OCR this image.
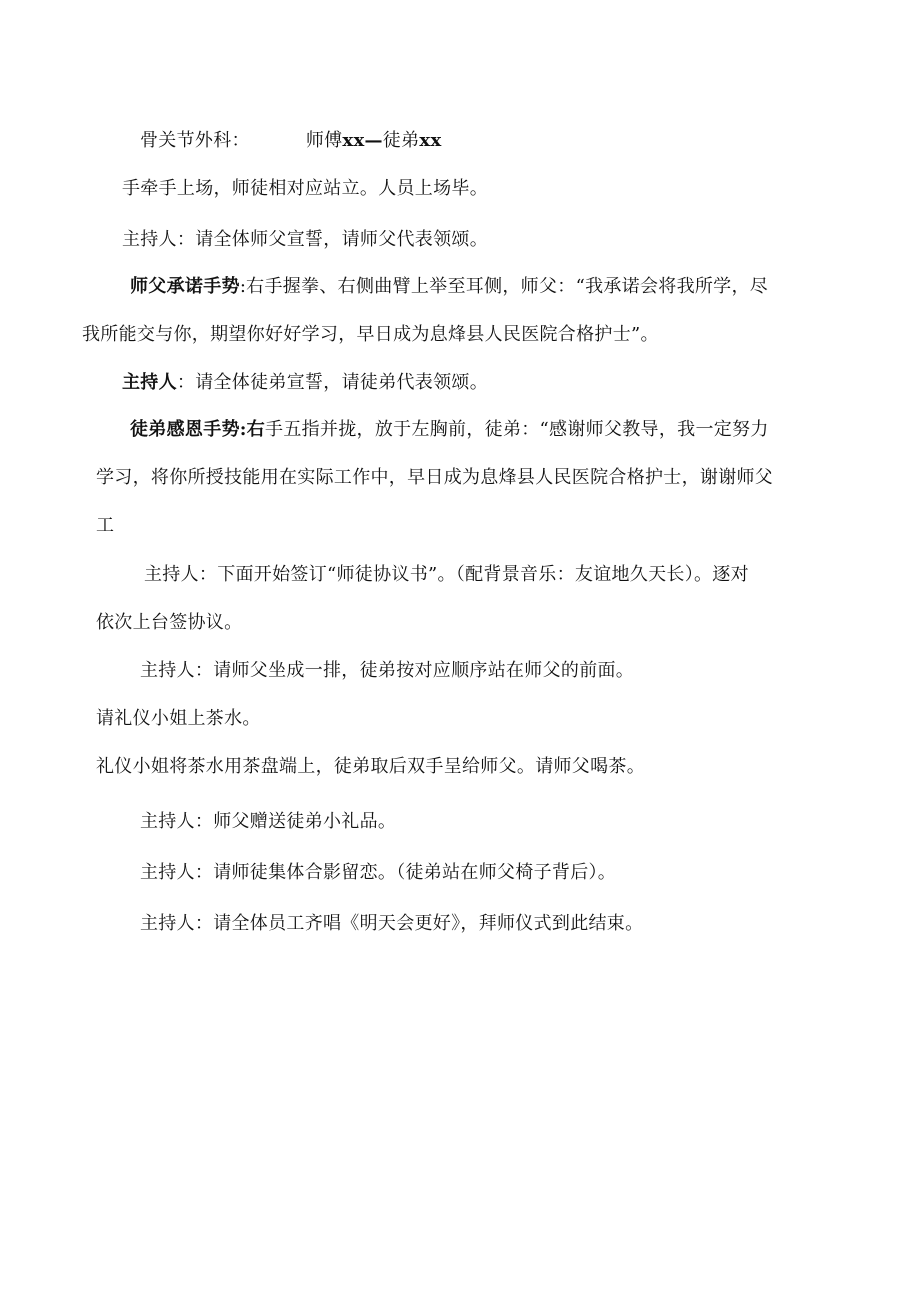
骨关节外科：	师傅xx—徒弟xx
手牵手上场，师徒相对应站立。人员上场毕。
主持人：请全体师父宣誓，请师父代表领颂。
师父承诺手势:右手握拳、右侧曲臂上举至耳侧，师父：“我承诺会将我所学，尽
我所能交与你，期望你好好学习，早日成为息烽县人民医院合格护士”。
主持人：请全体徒弟宣誓，请徒弟代表领颂。
徒弟感恩手势:右手五指并拢，放于左胸前，徒弟：“感谢师父教导，我一定努力
学习，将你所授技能用在实际工作中，早日成为息烽县人民医院合格护士，谢谢师父
工
主持人：下面开始签订“师徒协议书”。（配背景音乐：友谊地久天长）。逐对
依次上台签协议。
主持人：请师父坐成一排，徒弟按对应顺序站在师父的前面。
请礼仪小姐上茶水。
礼仪小姐将茶水用茶盘端上，徒弟取后双手呈给师父。请师父喝茶。
主持人：师父赠送徒弟小礼品。
主持人：请师徒集体合影留恋。（徒弟站在师父椅子背后）。
主持人：请全体员工齐唱《明天会更好》，拜师仪式到此结束。
